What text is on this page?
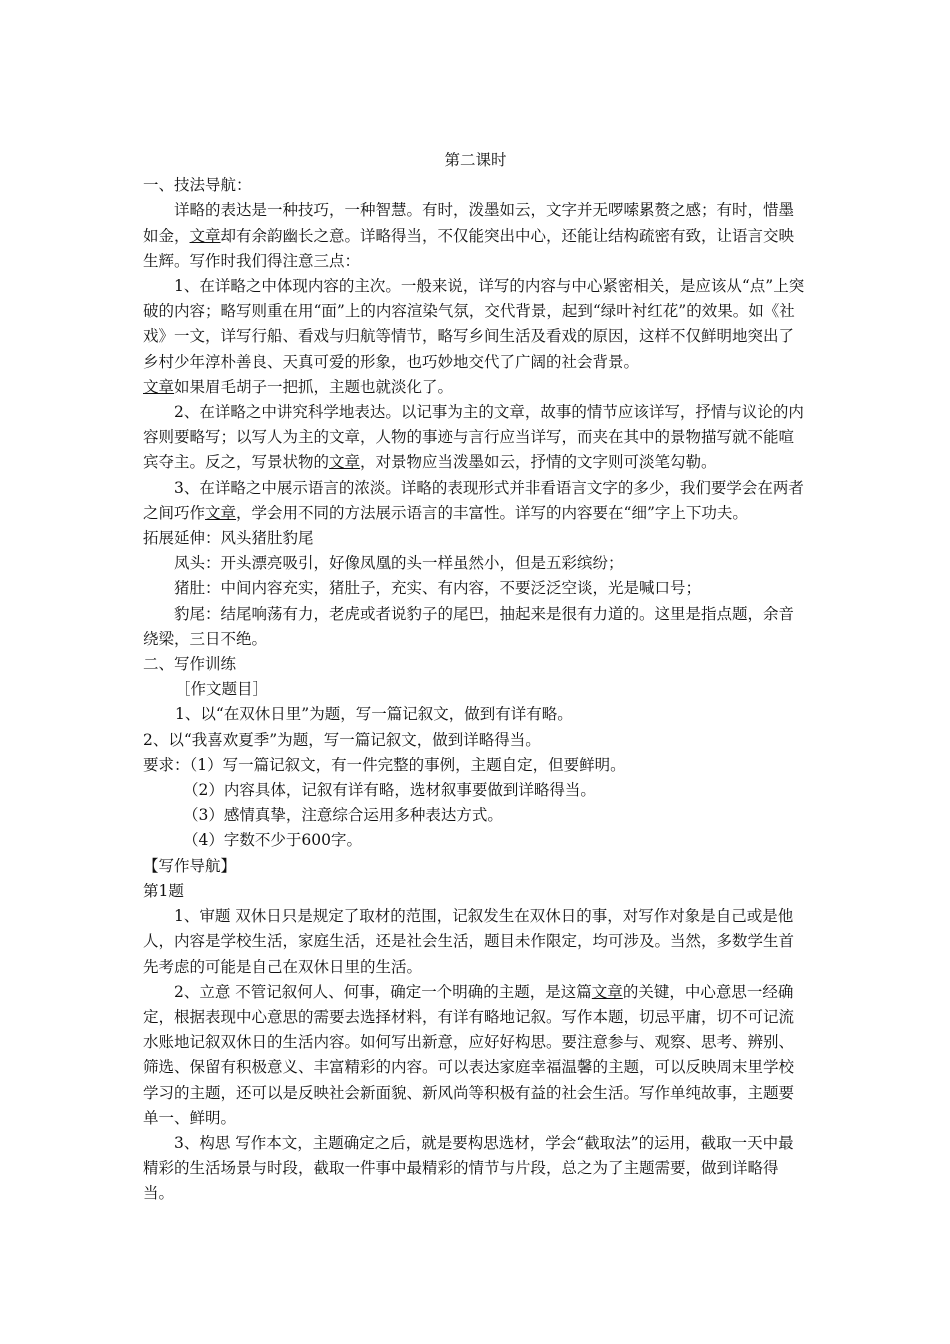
第二课时

一、技法导航：

详略的表达是一种技巧，一种智慧。有时，泼墨如云，文字并无啰嗦累赘之感；有时，惜墨如金，文章却有余韵幽长之意。详略得当，不仅能突出中心，还能让结构疏密有致，让语言交映生辉。写作时我们得注意三点：

1、在详略之中体现内容的主次。一般来说，详写的内容与中心紧密相关，是应该从“点”上突破的内容；略写则重在用“面”上的内容渲染气氛，交代背景，起到“绿叶衬红花”的效果。如《社戏》一文，详写行船、看戏与归航等情节，略写乡间生活及看戏的原因，这样不仅鲜明地突出了乡村少年淳朴善良、天真可爱的形象，也巧妙地交代了广阔的社会背景。

文章如果眉毛胡子一把抓，主题也就淡化了。

2、在详略之中讲究科学地表达。以记事为主的文章，故事的情节应该详写，抒情与议论的内容则要略写；以写人为主的文章，人物的事迹与言行应当详写，而夹在其中的景物描写就不能喧宾夺主。反之，写景状物的文章，对景物应当泼墨如云，抒情的文字则可淡笔勾勒。

3、在详略之中展示语言的浓淡。详略的表现形式并非看语言文字的多少，我们要学会在两者之间巧作文章，学会用不同的方法展示语言的丰富性。详写的内容要在“细”字上下功夫。

拓展延伸：风头猪肚豹尾

凤头：开头漂亮吸引，好像凤凰的头一样虽然小，但是五彩缤纷；

猪肚：中间内容充实，猪肚子，充实、有内容，不要泛泛空谈，光是喊口号；

豹尾：结尾响荡有力，老虎或者说豹子的尾巴，抽起来是很有力道的。这里是指点题，余音绕梁，三日不绝。

二、写作训练

［作文题目］

1、以“在双休日里”为题，写一篇记叙文，做到有详有略。

2、以“我喜欢夏季”为题，写一篇记叙文，做到详略得当。

要求：（1）写一篇记叙文，有一件完整的事例，主题自定，但要鲜明。

（2）内容具体，记叙有详有略，选材叙事要做到详略得当。

（3）感情真挚，注意综合运用多种表达方式。

（4）字数不少于600字。

【写作导航】

第1题

1、审题 双休日只是规定了取材的范围，记叙发生在双休日的事，对写作对象是自己或是他人，内容是学校生活，家庭生活，还是社会生活，题目未作限定，均可涉及。当然，多数学生首先考虑的可能是自己在双休日里的生活。

2、立意 不管记叙何人、何事，确定一个明确的主题，是这篇文章的关键，中心意思一经确定，根据表现中心意思的需要去选择材料，有详有略地记叙。写作本题，切忌平庸，切不可记流水账地记叙双休日的生活内容。如何写出新意，应好好构思。要注意参与、观察、思考、辨别、筛选、保留有积极意义、丰富精彩的内容。可以表达家庭幸福温馨的主题，可以反映周末里学校学习的主题，还可以是反映社会新面貌、新风尚等积极有益的社会生活。写作单纯故事，主题要单一、鲜明。

3、构思 写作本文，主题确定之后，就是要构思选材，学会“截取法”的运用，截取一天中最精彩的生活场景与时段，截取一件事中最精彩的情节与片段，总之为了主题需要，做到详略得当。
